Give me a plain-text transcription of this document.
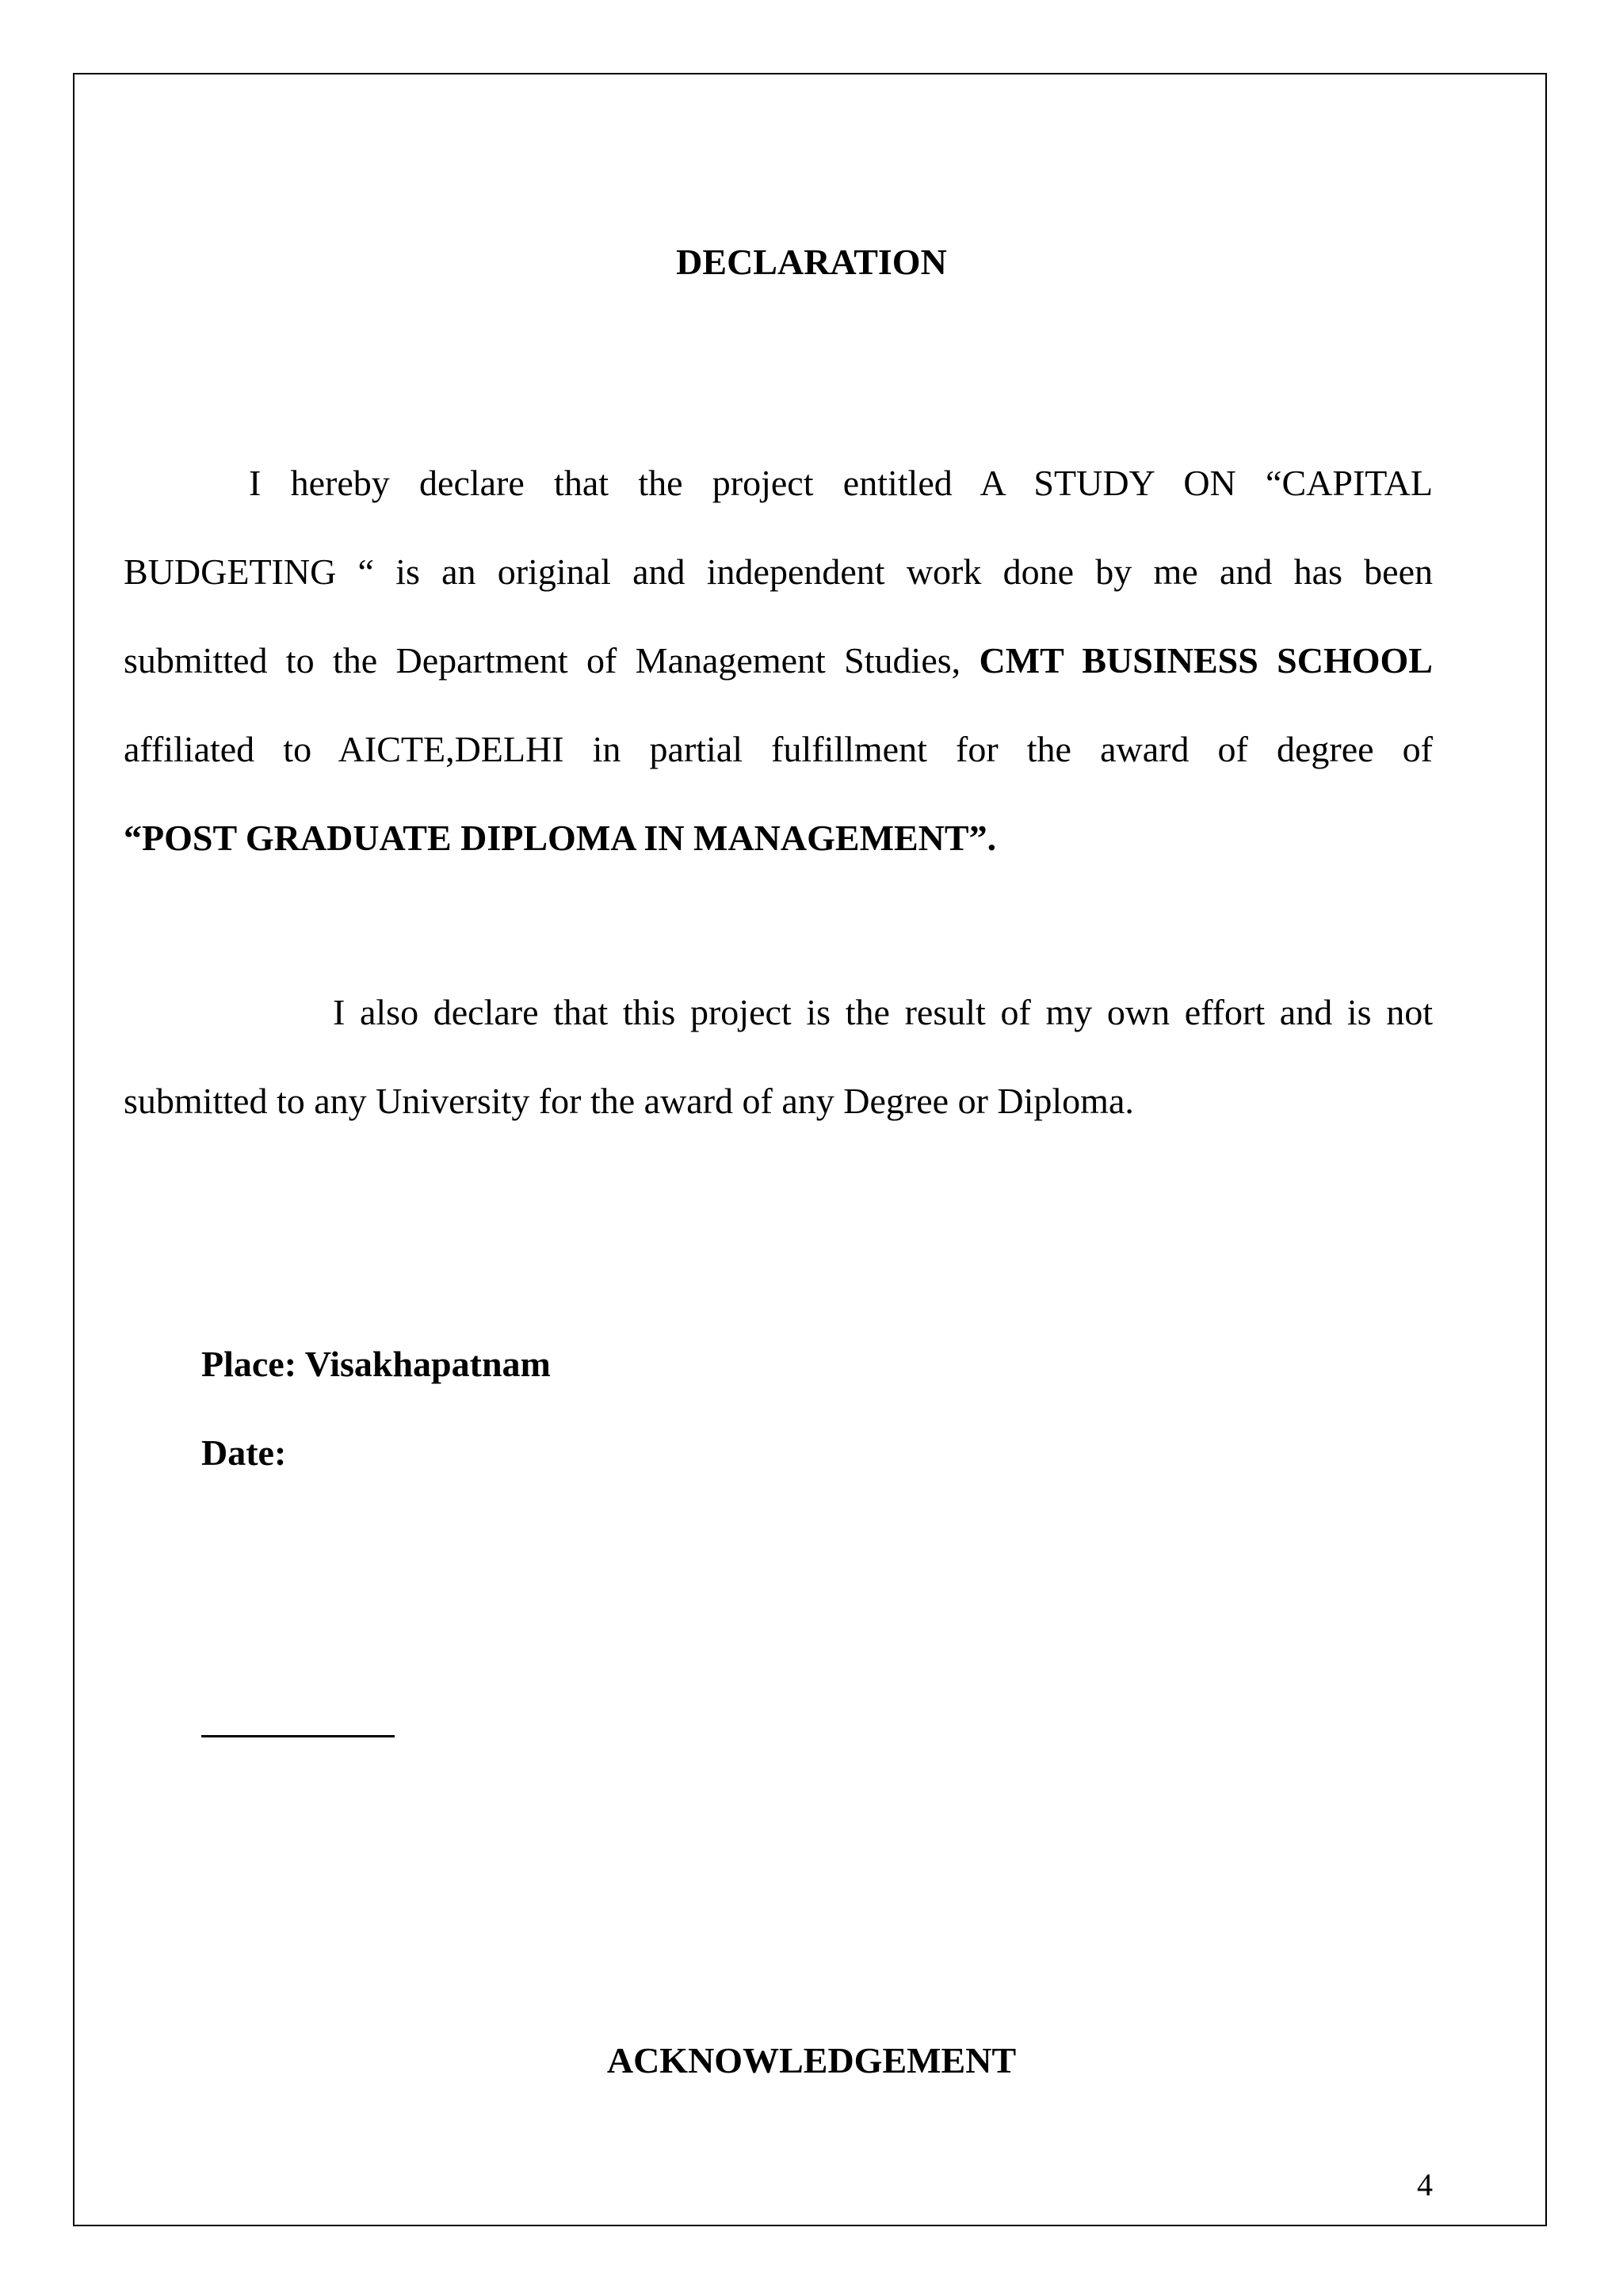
DECLARATION
I hereby declare that the project entitled A STUDY ON “CAPITAL
BUDGETING “ is an original and independent work done by me and has been
submitted to the Department of Management Studies, CMT BUSINESS SCHOOL
affiliated to AICTE,DELHI in partial fulfillment for the award of degree of
“POST GRADUATE DIPLOMA IN MANAGEMENT”.
I also declare that this project is the result of my own effort and is not
submitted to any University for the award of any Degree or Diploma.
Place: Visakhapatnam
Date:
ACKNOWLEDGEMENT
4
